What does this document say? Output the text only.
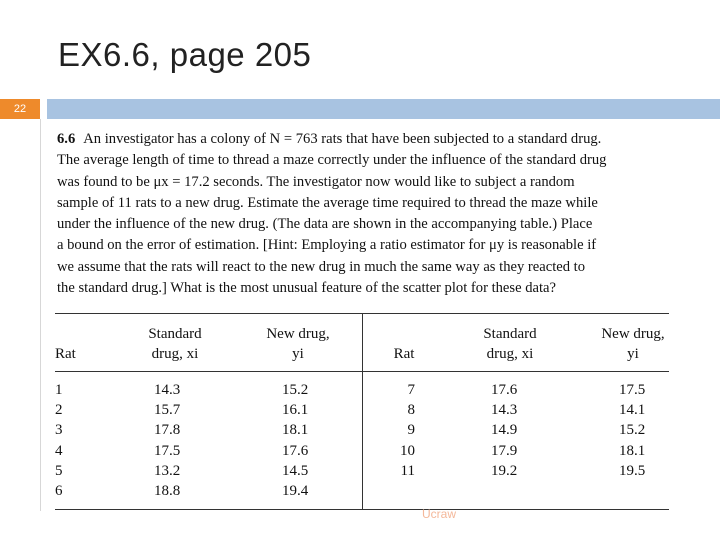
EX6.6, page 205
22
6.6 An investigator has a colony of N = 763 rats that have been subjected to a standard drug.
The average length of time to thread a maze correctly under the influence of the standard drug
was found to be μx = 17.2 seconds. The investigator now would like to subject a random
sample of 11 rats to a new drug. Estimate the average time required to thread the maze while
under the influence of the new drug. (The data are shown in the accompanying table.) Place
a bound on the error of estimation. [Hint: Employing a ratio estimator for μy is reasonable if
we assume that the rats will react to the new drug in much the same way as they reacted to
the standard drug.] What is the most unusual feature of the scatter plot for these data?
Rat
Standard
drug, xi
New drug,
yi	Rat
Standard
drug, xi
New drug,
yi
1
2
3
4
5
6
14.3
15.7
17.8
17.5
13.2
18.8
15.2
16.1
18.1
17.6
14.5
19.4
7
8
9
10
11
17.6
14.3
14.9
17.9
19.2
17.5
14.1
15.2
18.1
19.5
Ucraw
